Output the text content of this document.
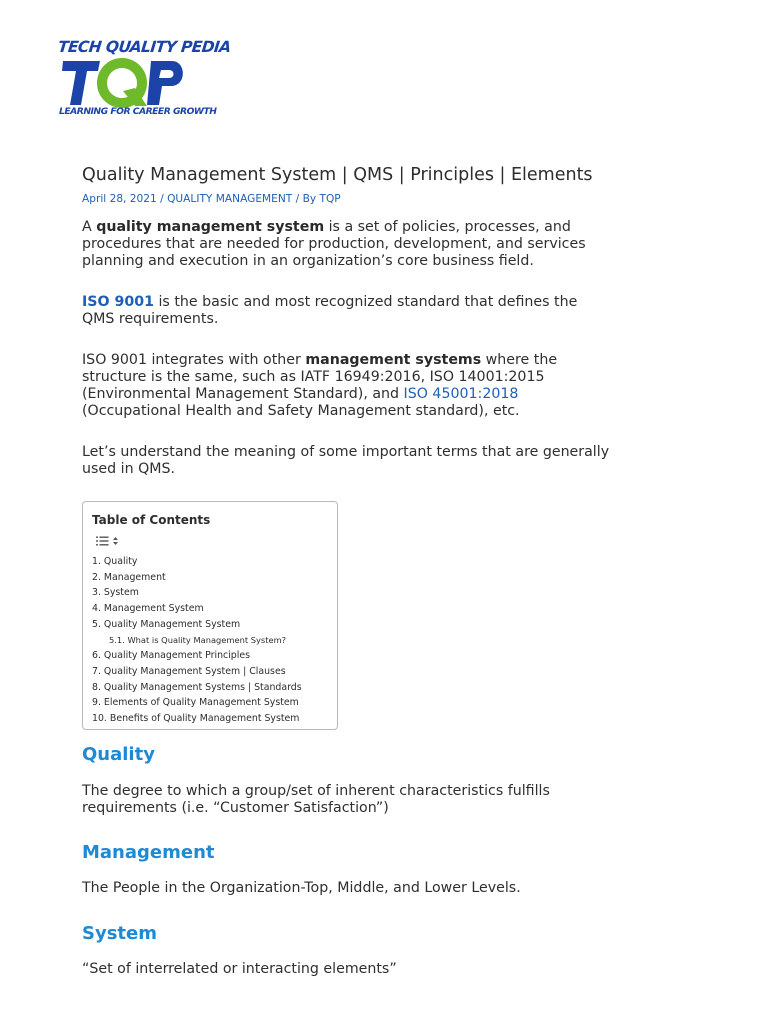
TECH QUALITY PEDIA
LEARNING FOR CAREER GROWTH
Quality Management System | QMS | Principles | Elements
April 28, 2021 / QUALITY MANAGEMENT / By TQP

A quality management system is a set of policies, processes, and
procedures that are needed for production, development, and services
planning and execution in an organization’s core business field.

ISO 9001 is the basic and most recognized standard that defines the
QMS requirements.

ISO 9001 integrates with other management systems where the
structure is the same, such as IATF 16949:2016, ISO 14001:2015
(Environmental Management Standard), and ISO 45001:2018
(Occupational Health and Safety Management standard), etc.

Let’s understand the meaning of some important terms that are generally
used in QMS.

Table of Contents
1. Quality
2. Management
3. System
4. Management System
5. Quality Management System
5.1. What is Quality Management System?
6. Quality Management Principles
7. Quality Management System | Clauses
8. Quality Management Systems | Standards
9. Elements of Quality Management System
10. Benefits of Quality Management System
Quality

The degree to which a group/set of inherent characteristics fulfills
requirements (i.e. “Customer Satisfaction”)

Management

The People in the Organization-Top, Middle, and Lower Levels.

System

“Set of interrelated or interacting elements”
